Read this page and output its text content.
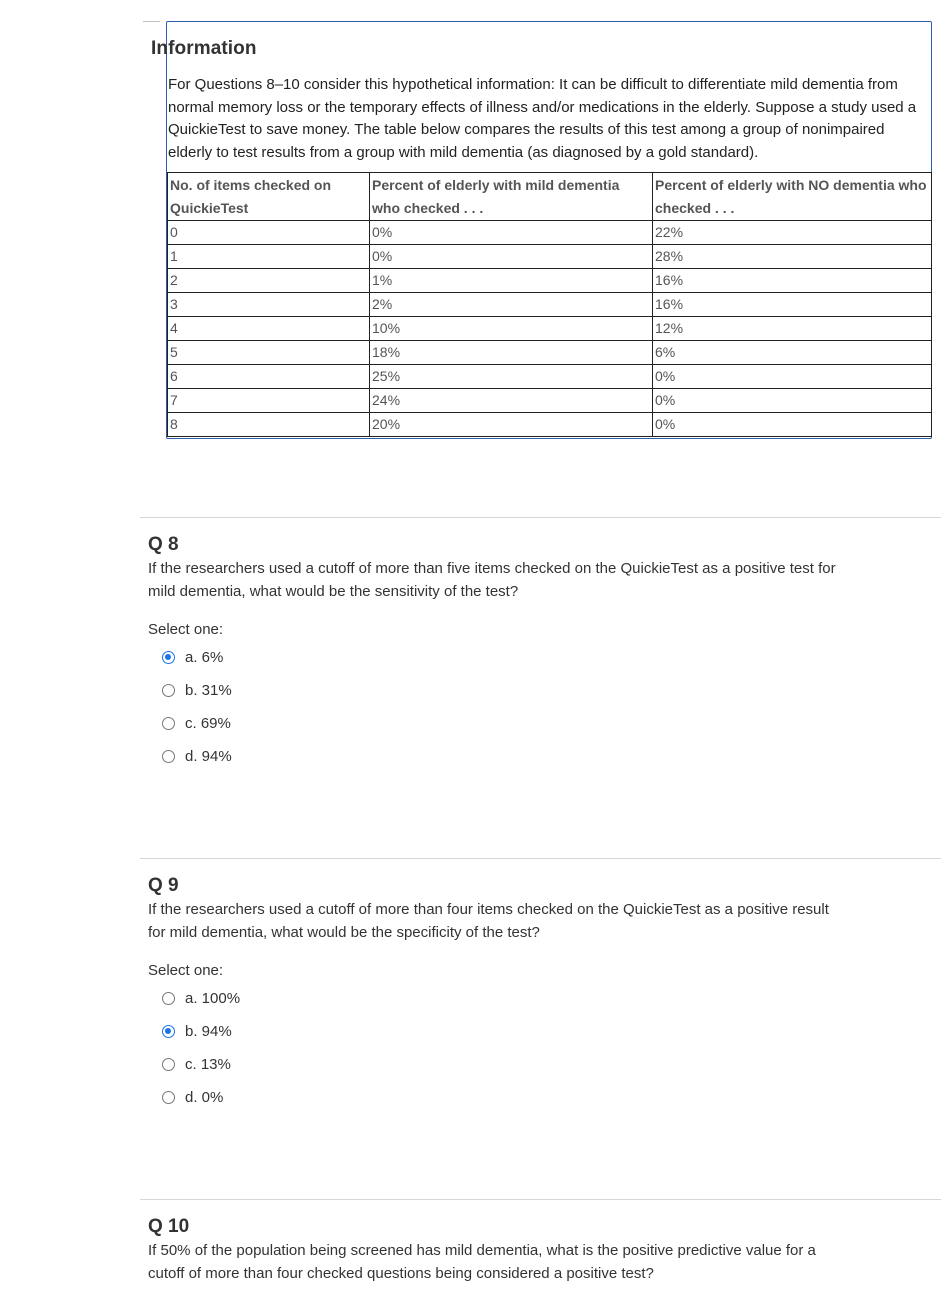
Information
For Questions 8–10 consider this hypothetical information: It can be difficult to differentiate mild dementia from normal memory loss or the temporary effects of illness and/or medications in the elderly. Suppose a study used a QuickieTest to save money. The table below compares the results of this test among a group of nonimpaired elderly to test results from a group with mild dementia (as diagnosed by a gold standard).
No. of items checked on QuickieTest	Percent of elderly with mild dementia who checked . . .	Percent of elderly with NO dementia who checked . . .
0	0%	22%
1	0%	28%
2	1%	16%
3	2%	16%
4	10%	12%
5	18%	6%
6	25%	0%
7	24%	0%
8	20%	0%
Q 8
If the researchers used a cutoff of more than five items checked on the QuickieTest as a positive test for mild dementia, what would be the sensitivity of the test?
Select one:
a. 6%
b. 31%
c. 69%
d. 94%
Q 9
If the researchers used a cutoff of more than four items checked on the QuickieTest as a positive result for mild dementia, what would be the specificity of the test?
Select one:
a. 100%
b. 94%
c. 13%
d. 0%
Q 10
If 50% of the population being screened has mild dementia, what is the positive predictive value for a cutoff of more than four checked questions being considered a positive test?
